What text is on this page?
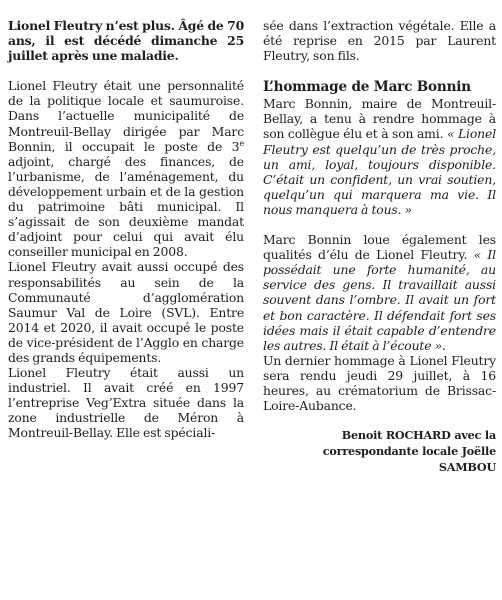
Lionel Fleutry n’est plus. Âgé de 70 ans, il est décédé dimanche 25 juillet après une maladie.

Lionel Fleutry était une personnalité de la politique locale et saumuroise. Dans l’actuelle municipalité de Montreuil-Bellay dirigée par Marc Bonnin, il occupait le poste de 3e adjoint, chargé des finances, de l’urbanisme, de l’aménagement, du développement urbain et de la gestion du patrimoine bâti municipal. Il s’agissait de son deuxième mandat d’adjoint pour celui qui avait élu conseiller municipal en 2008.

Lionel Fleutry avait aussi occupé des responsabilités au sein de la Communauté d’agglomération Saumur Val de Loire (SVL). Entre 2014 et 2020, il avait occupé le poste de vice-président de l’Agglo en charge des grands équipements.

Lionel Fleutry était aussi un industriel. Il avait créé en 1997 l’entreprise Veg’Extra située dans la zone industrielle de Méron à Montreuil-Bellay. Elle est spéciali-

sée dans l’extraction végétale. Elle a été reprise en 2015 par Laurent Fleutry, son fils.

L’hommage de Marc Bonnin

Marc Bonnin, maire de Montreuil-Bellay, a tenu à rendre hommage à son collègue élu et à son ami. « Lionel Fleutry est quelqu’un de très proche, un ami, loyal, toujours disponible. C’était un confident, un vrai soutien, quelqu’un qui marquera ma vie. Il nous manquera à tous. »

Marc Bonnin loue également les qualités d’élu de Lionel Fleutry. « Il possédait une forte humanité, au service des gens. Il travaillait aussi souvent dans l’ombre. Il avait un fort et bon caractère. Il défendait fort ses idées mais il était capable d’entendre les autres. Il était à l’écoute ».

Un dernier hommage à Lionel Fleutry sera rendu jeudi 29 juillet, à 16 heures, au crématorium de Brissac-Loire-Aubance.

Benoit ROCHARD avec la
correspondante locale Joëlle SAMBOU
